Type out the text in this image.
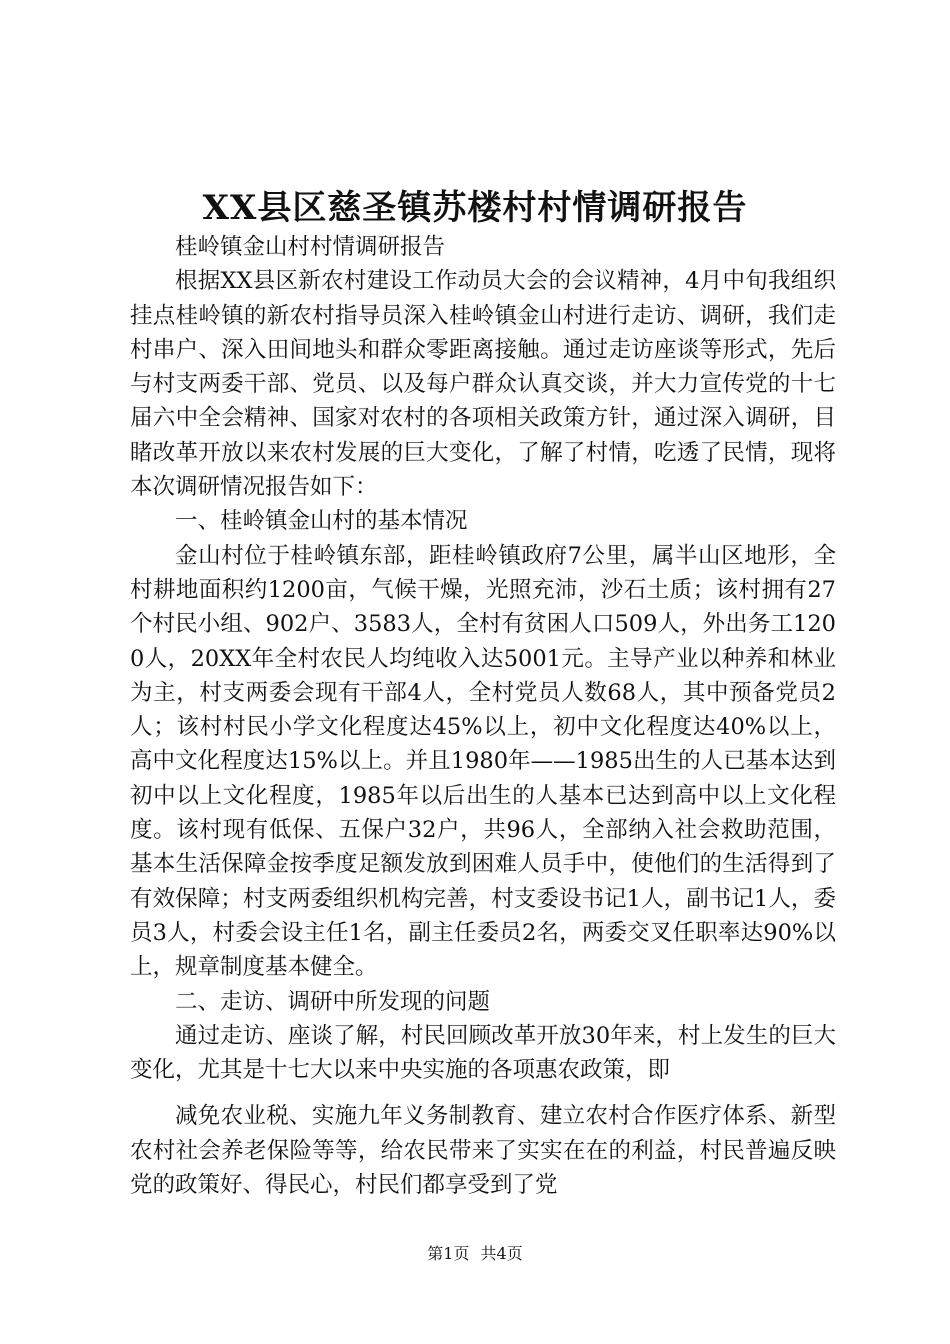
XX县区慈圣镇苏楼村村情调研报告

桂岭镇金山村村情调研报告

根据XX县区新农村建设工作动员大会的会议精神，4月中旬我组织挂点桂岭镇的新农村指导员深入桂岭镇金山村进行走访、调研，我们走村串户、深入田间地头和群众零距离接触。通过走访座谈等形式，先后与村支两委干部、党员、以及每户群众认真交谈，并大力宣传党的十七届六中全会精神、国家对农村的各项相关政策方针，通过深入调研，目睹改革开放以来农村发展的巨大变化，了解了村情，吃透了民情，现将本次调研情况报告如下：

一、桂岭镇金山村的基本情况

金山村位于桂岭镇东部，距桂岭镇政府7公里，属半山区地形，全村耕地面积约1200亩，气候干燥，光照充沛，沙石土质；该村拥有27个村民小组、902户、3583人，全村有贫困人口509人，外出务工1200人，20XX年全村农民人均纯收入达5001元。主导产业以种养和林业为主，村支两委会现有干部4人，全村党员人数68人，其中预备党员2人；该村村民小学文化程度达45%以上，初中文化程度达40%以上，高中文化程度达15%以上。并且1980年——1985出生的人已基本达到初中以上文化程度，1985年以后出生的人基本已达到高中以上文化程度。该村现有低保、五保户32户，共96人，全部纳入社会救助范围，基本生活保障金按季度足额发放到困难人员手中，使他们的生活得到了有效保障；村支两委组织机构完善，村支委设书记1人，副书记1人，委员3人，村委会设主任1名，副主任委员2名，两委交叉任职率达90%以上，规章制度基本健全。

二、走访、调研中所发现的问题

通过走访、座谈了解，村民回顾改革开放30年来，村上发生的巨大变化，尤其是十七大以来中央实施的各项惠农政策，即

减免农业税、实施九年义务制教育、建立农村合作医疗体系、新型农村社会养老保险等等，给农民带来了实实在在的利益，村民普遍反映党的政策好、得民心，村民们都享受到了党

第1页 共4页
